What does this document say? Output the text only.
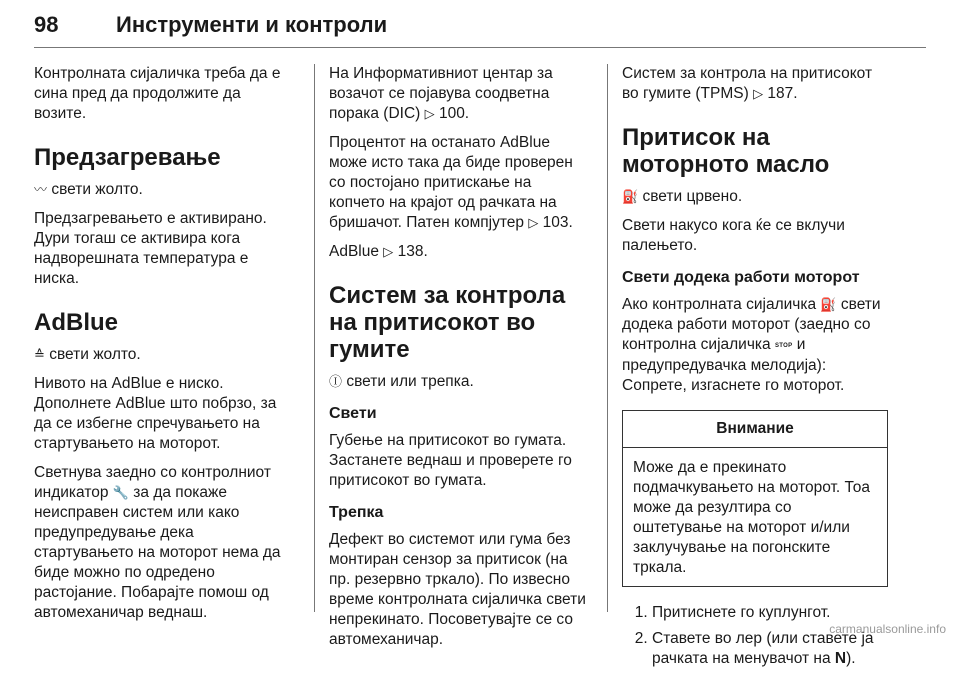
98	Инструменти и контроли

Контролната сијаличка треба да е сина пред да продолжите да возите.

Предзагревање

〰 свети жолто.

Предзагревањето е активирано. Дури тогаш се активира кога надворешната температура е ниска.

AdBlue

≙ свети жолто.

Нивото на AdBlue е ниско. Дополнете AdBlue што побрзо, за да се избегне спречувањето на стартувањето на моторот.

Светнува заедно со контролниот индикатор 🔧 за да покаже неисправен систем или како предупредување дека стартувањето на моторот нема да биде можно по одредено растојание. Побарајте помош од автомеханичар веднаш.

На Информативниот центар за возачот се појавува соодветна порака (DIC) ▷ 100.

Процентот на останато AdBlue може исто така да биде проверен со постојано притискање на копчето на крајот од рачката на бришачот. Патен компјутер ▷ 103.

AdBlue ▷ 138.

Систем за контрола на притисокот во гумите

Ⓘ свети или трепка.

Свети

Губење на притисокот во гумата. Застанете веднаш и проверете го притисокот во гумата.

Трепка

Дефект во системот или гума без монтиран сензор за притисок (на пр. резервно тркало). По извесно време контролната сијаличка свети непрекинато. Посоветувајте се со автомеханичар.

Систем за контрола на притисокот во гумите (TPMS) ▷ 187.

Притисок на моторното масло

⛽ свети црвено.

Свети накусо кога ќе се вклучи палењето.

Свети додека работи моторот

Ако контролната сијаличка ⛽ свети додека работи моторот (заедно со контролна сијаличка STOP и предупредувачка мелодија): Сопрете, изгаснете го моторот.

Внимание
Може да е прекинато подмачкувањето на моторот. Тоа може да резултира со оштетување на моторот и/или заклучување на погонските тркала.
1. Притиснете го куплунгот.
2. Ставете во лер (или ставете ја рачката на менувачот на N).
carmanualsonline.info
